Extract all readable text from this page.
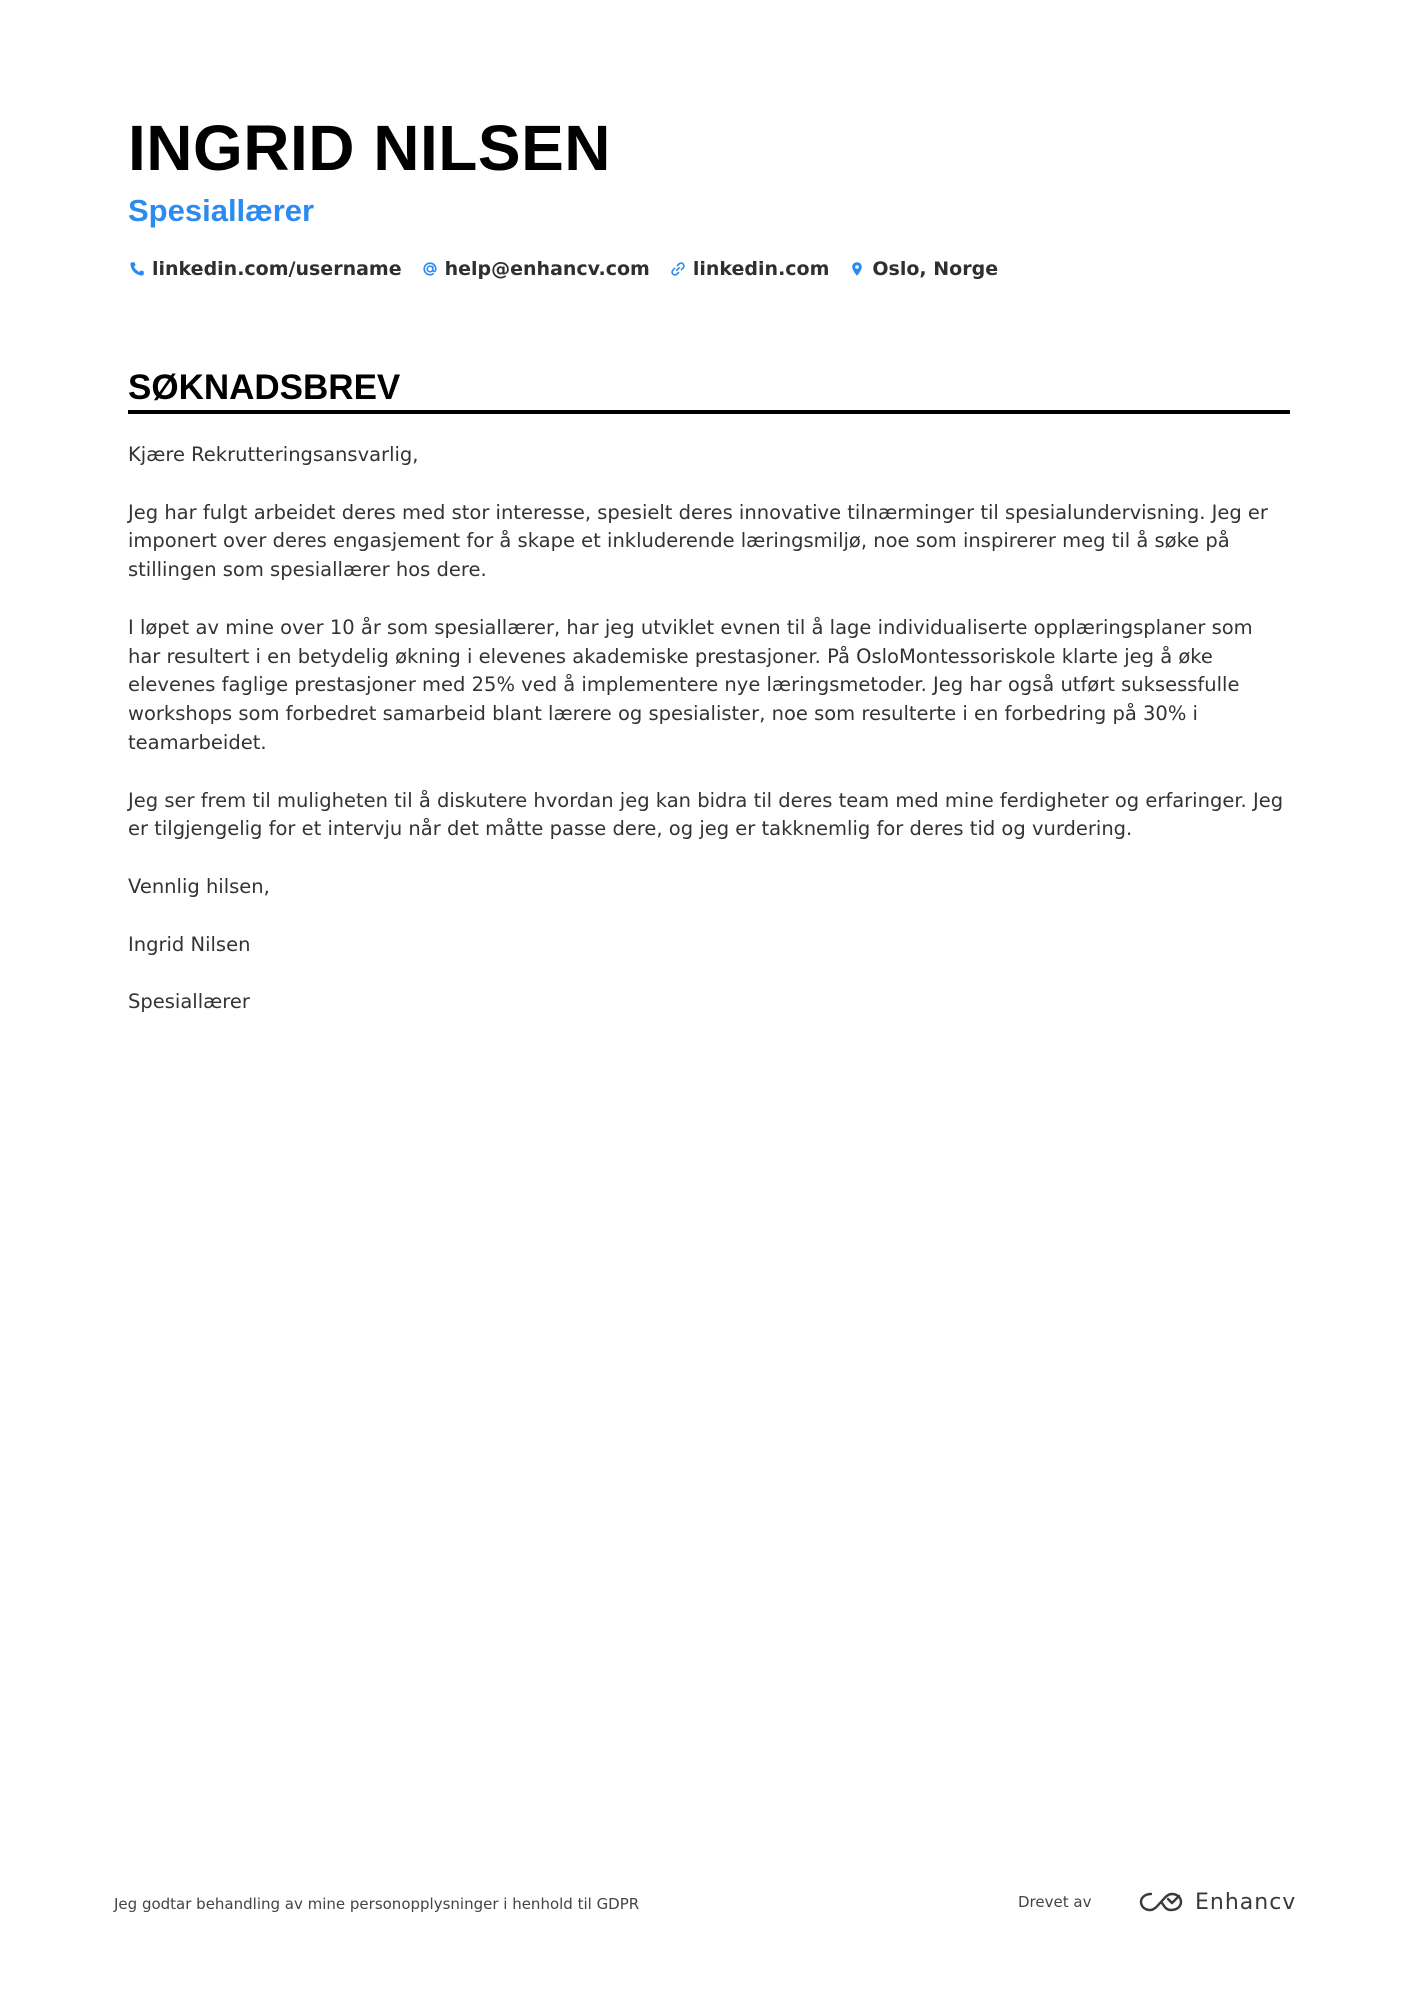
INGRID NILSEN
Spesiallærer
linkedin.com/username help@enhancv.com linkedin.com Oslo, Norge
SØKNADSBREV

Kjære Rekrutteringsansvarlig,

Jeg har fulgt arbeidet deres med stor interesse, spesielt deres innovative tilnærminger til spesialundervisning. Jeg er imponert over deres engasjement for å skape et inkluderende læringsmiljø, noe som inspirerer meg til å søke på stillingen som spesiallærer hos dere.

I løpet av mine over 10 år som spesiallærer, har jeg utviklet evnen til å lage individualiserte opplæringsplaner som har resultert i en betydelig økning i elevenes akademiske prestasjoner. På OsloMontessoriskole klarte jeg å øke elevenes faglige prestasjoner med 25% ved å implementere nye læringsmetoder. Jeg har også utført suksessfulle workshops som forbedret samarbeid blant lærere og spesialister, noe som resulterte i en forbedring på 30% i teamarbeidet.

Jeg ser frem til muligheten til å diskutere hvordan jeg kan bidra til deres team med mine ferdigheter og erfaringer. Jeg er tilgjengelig for et intervju når det måtte passe dere, og jeg er takknemlig for deres tid og vurdering.

Vennlig hilsen,

Ingrid Nilsen

Spesiallærer

Jeg godtar behandling av mine personopplysninger i henhold til GDPR	Drevet av	Enhancv
